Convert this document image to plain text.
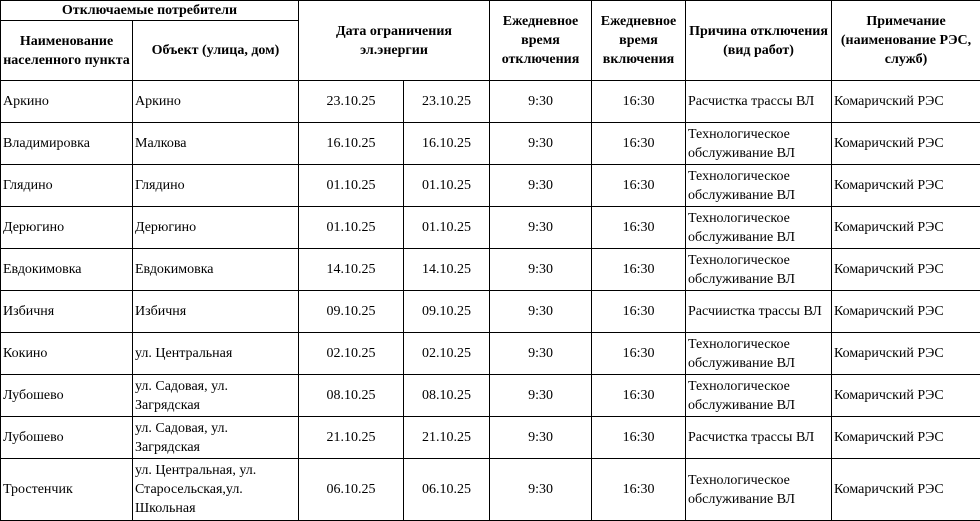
Отключаемые потребители		Дата ограничения эл.энергии		Ежедневное время отключения	Ежедневное время включения	Причина отключения (вид работ)	Примечание (наименование РЭС, служб)
Наименование населенного пункта	Объект (улица, дом)						
Аркино	Аркино	23.10.25	23.10.25	9:30	16:30	Расчистка трассы ВЛ	Комаричский РЭС
Владимировка	Малкова	16.10.25	16.10.25	9:30	16:30	Технологическое обслуживание ВЛ	Комаричский РЭС
Глядино	Глядино	01.10.25	01.10.25	9:30	16:30	Технологическое обслуживание ВЛ	Комаричский РЭС
Дерюгино	Дерюгино	01.10.25	01.10.25	9:30	16:30	Технологическое обслуживание ВЛ	Комаричский РЭС
Евдокимовка	Евдокимовка	14.10.25	14.10.25	9:30	16:30	Технологическое обслуживание ВЛ	Комаричский РЭС
Избичня	Избичня	09.10.25	09.10.25	9:30	16:30	Расчиистка трассы ВЛ	Комаричский РЭС
Кокино	ул. Центральная	02.10.25	02.10.25	9:30	16:30	Технологическое обслуживание ВЛ	Комаричский РЭС
Лубошево	ул. Садовая, ул. Загрядская	08.10.25	08.10.25	9:30	16:30	Технологическое обслуживание ВЛ	Комаричский РЭС
Лубошево	ул. Садовая, ул. Загрядская	21.10.25	21.10.25	9:30	16:30	Расчистка трассы ВЛ	Комаричский РЭС
Тростенчик	ул. Центральная, ул. Старосельская,ул. Школьная	06.10.25	06.10.25	9:30	16:30	Технологическое обслуживание ВЛ	Комаричский РЭС
